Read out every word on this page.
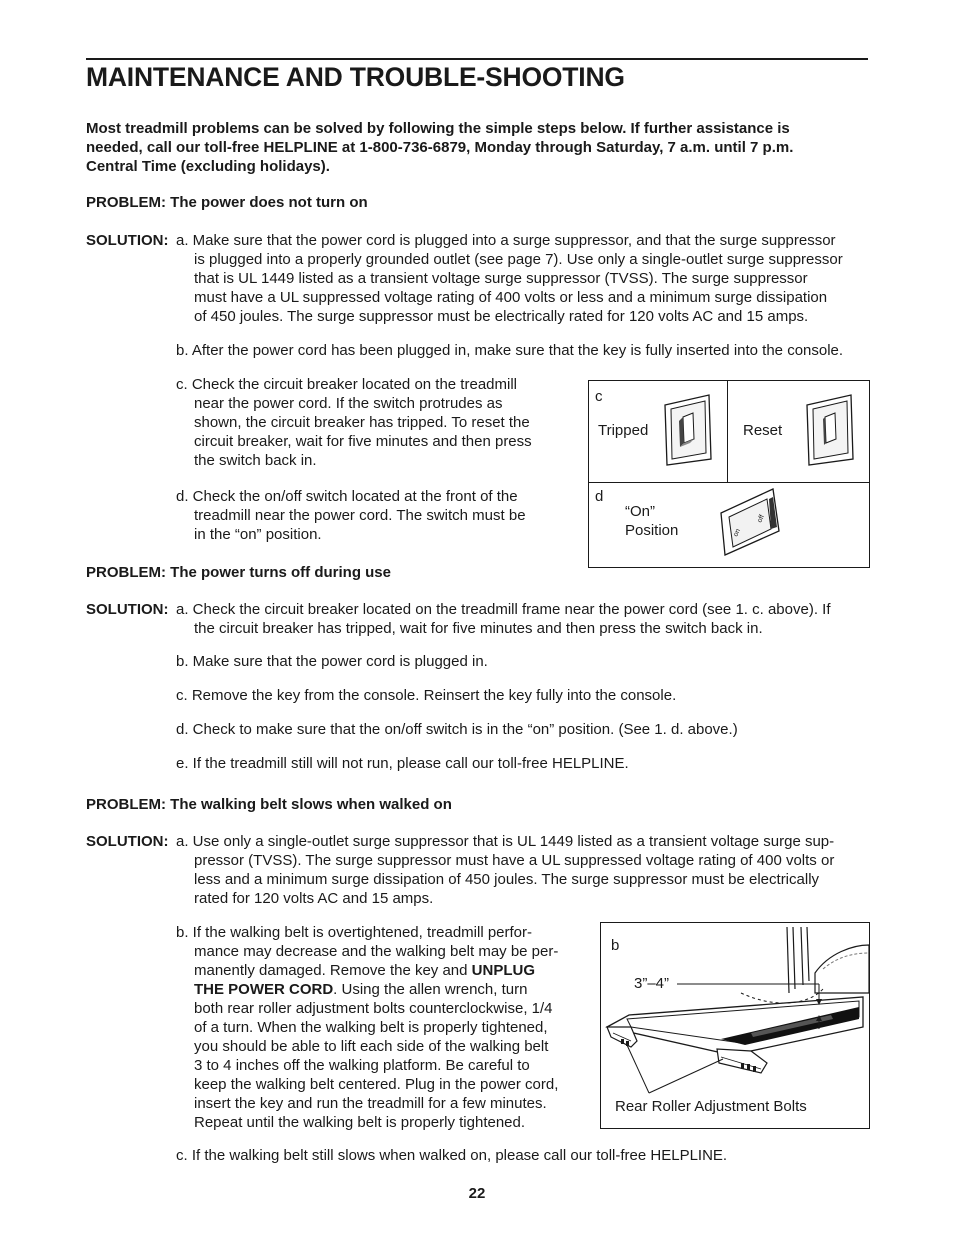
MAINTENANCE AND TROUBLE-SHOOTING
Most treadmill problems can be solved by following the simple steps below. If further assistance is
needed, call our toll-free HELPLINE at 1-800-736-6879, Monday through Saturday, 7 a.m. until 7 p.m.
Central Time (excluding holidays).
PROBLEM: The power does not turn on
SOLUTION: a. Make sure that the power cord is plugged into a surge suppressor, and that the surge suppressor
is plugged into a properly grounded outlet (see page 7). Use only a single-outlet surge suppressor
that is UL 1449 listed as a transient voltage surge suppressor (TVSS). The surge suppressor
must have a UL suppressed voltage rating of 400 volts or less and a minimum surge dissipation
of 450 joules. The surge suppressor must be electrically rated for 120 volts AC and 15 amps.
b. After the power cord has been plugged in, make sure that the key is fully inserted into the console.
c. Check the circuit breaker located on the treadmill
near the power cord. If the switch protrudes as
shown, the circuit breaker has tripped. To reset the
circuit breaker, wait for five minutes and then press
the switch back in.
d. Check the on/off switch located at the front of the
treadmill near the power cord. The switch must be
in the “on” position.
c
Tripped	Reset
d
“On”
Position	on
off
PROBLEM: The power turns off during use
SOLUTION: a. Check the circuit breaker located on the treadmill frame near the power cord (see 1. c. above). If
the circuit breaker has tripped, wait for five minutes and then press the switch back in.
b. Make sure that the power cord is plugged in.
c. Remove the key from the console. Reinsert the key fully into the console.
d. Check to make sure that the on/off switch is in the “on” position. (See 1. d. above.)
e. If the treadmill still will not run, please call our toll-free HELPLINE.
PROBLEM: The walking belt slows when walked on
SOLUTION: a. Use only a single-outlet surge suppressor that is UL 1449 listed as a transient voltage surge sup-
pressor (TVSS). The surge suppressor must have a UL suppressed voltage rating of 400 volts or
less and a minimum surge dissipation of 450 joules. The surge suppressor must be electrically
rated for 120 volts AC and 15 amps.
b. If the walking belt is overtightened, treadmill perfor-
mance may decrease and the walking belt may be per-
manently damaged. Remove the key and UNPLUG
THE POWER CORD. Using the allen wrench, turn
both rear roller adjustment bolts counterclockwise, 1/4
of a turn. When the walking belt is properly tightened,
you should be able to lift each side of the walking belt
3 to 4 inches off the walking platform. Be careful to
keep the walking belt centered. Plug in the power cord,
insert the key and run the treadmill for a few minutes.
Repeat until the walking belt is properly tightened.
b
3”–4”
Rear Roller Adjustment Bolts
c. If the walking belt still slows when walked on, please call our toll-free HELPLINE.
22
